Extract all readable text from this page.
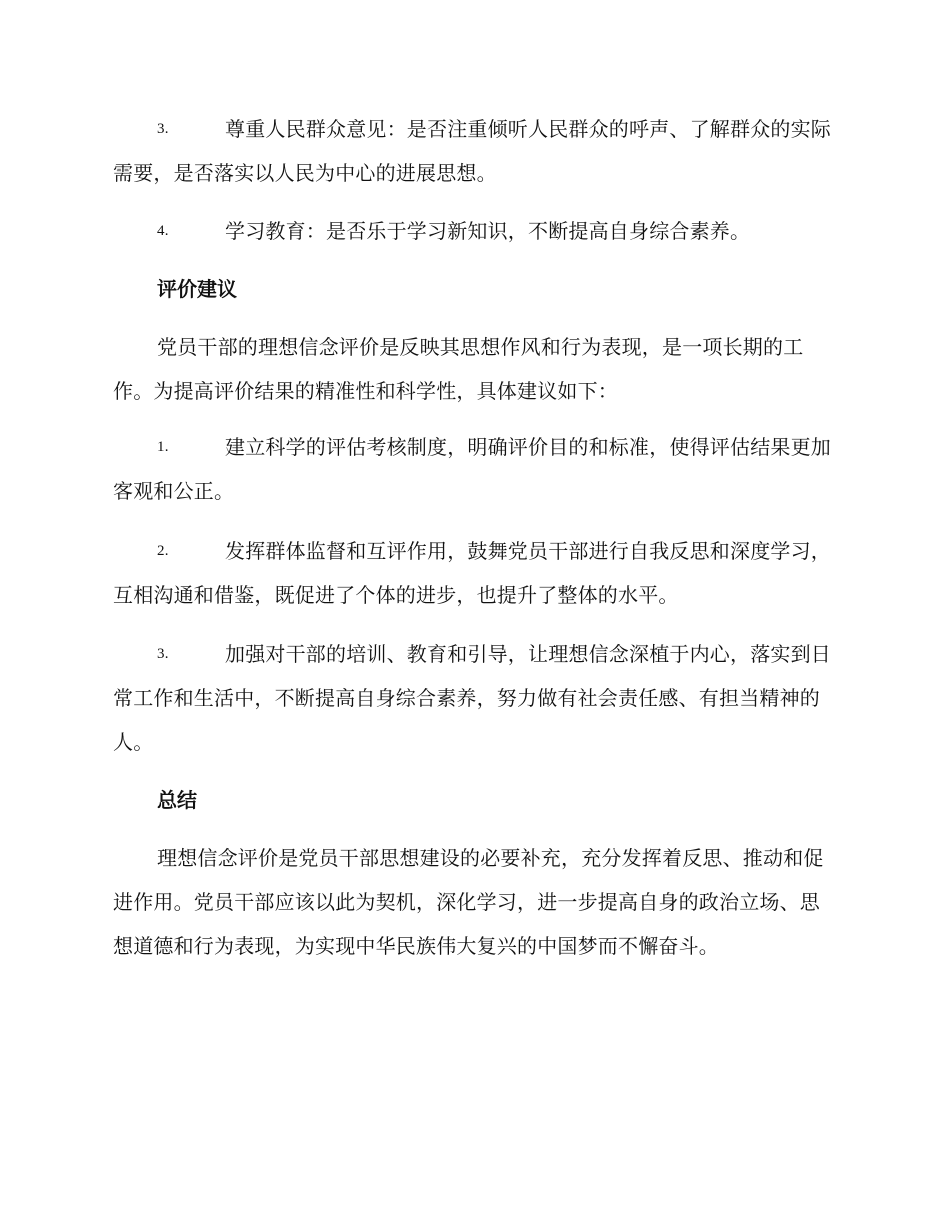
3.	尊重人民群众意见：是否注重倾听人民群众的呼声、了解群众的实际需要，是否落实以人民为中心的进展思想。
4.	学习教育：是否乐于学习新知识，不断提高自身综合素养。
评价建议
党员干部的理想信念评价是反映其思想作风和行为表现，是一项长期的工作。为提高评价结果的精准性和科学性，具体建议如下：
1.	建立科学的评估考核制度，明确评价目的和标准，使得评估结果更加客观和公正。
2.	发挥群体监督和互评作用，鼓舞党员干部进行自我反思和深度学习，互相沟通和借鉴，既促进了个体的进步，也提升了整体的水平。
3.	加强对干部的培训、教育和引导，让理想信念深植于内心，落实到日常工作和生活中，不断提高自身综合素养，努力做有社会责任感、有担当精神的人。
总结
理想信念评价是党员干部思想建设的必要补充，充分发挥着反思、推动和促进作用。党员干部应该以此为契机，深化学习，进一步提高自身的政治立场、思想道德和行为表现，为实现中华民族伟大复兴的中国梦而不懈奋斗。
